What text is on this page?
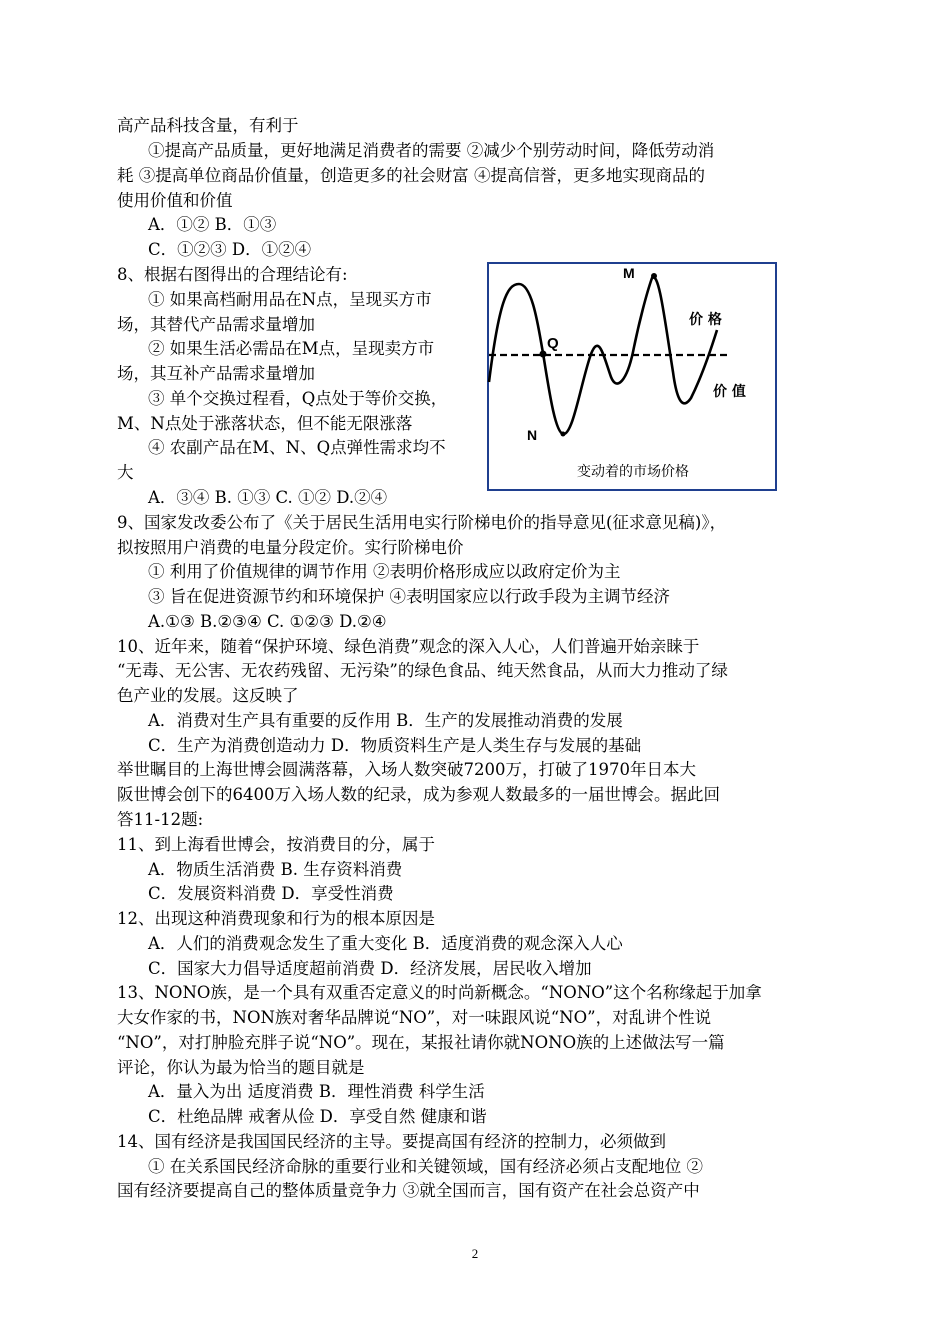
高产品科技含量，有利于
①提高产品质量，更好地满足消费者的需要 ②减少个别劳动时间，降低劳动消
耗 ③提高单位商品价值量，创造更多的社会财富 ④提高信誉，更多地实现商品的
使用价值和价值
A．①② B．①③
C．①②③ D．①②④
8、根据右图得出的合理结论有:
① 如果高档耐用品在N点，呈现买方市
场，其替代产品需求量增加
② 如果生活必需品在M点，呈现卖方市
场，其互补产品需求量增加
③ 单个交换过程看，Q点处于等价交换，
M、N点处于涨落状态，但不能无限涨落
④ 农副产品在M、N、Q点弹性需求均不
大
A．③④ B. ①③ C. ①② D.②④
9、国家发改委公布了《关于居民生活用电实行阶梯电价的指导意见(征求意见稿)》，
拟按照用户消费的电量分段定价。实行阶梯电价
① 利用了价值规律的调节作用 ②表明价格形成应以政府定价为主
③ 旨在促进资源节约和环境保护 ④表明国家应以行政手段为主调节经济
A.①③ B.②③④ C. ①②③ D.②④
10、近年来，随着“保护环境、绿色消费”观念的深入人心，人们普遍开始亲睐于
“无毒、无公害、无农药残留、无污染”的绿色食品、纯天然食品，从而大力推动了绿
色产业的发展。这反映了
A．消费对生产具有重要的反作用 B．生产的发展推动消费的发展
C．生产为消费创造动力 D．物质资料生产是人类生存与发展的基础
举世瞩目的上海世博会圆满落幕，入场人数突破7200万，打破了1970年日本大
阪世博会创下的6400万入场人数的纪录，成为参观人数最多的一届世博会。据此回
答11-12题:
11、到上海看世博会，按消费目的分，属于
A．物质生活消费 B. 生存资料消费
C．发展资料消费 D．享受性消费
12、出现这种消费现象和行为的根本原因是
A．人们的消费观念发生了重大变化 B．适度消费的观念深入人心
C．国家大力倡导适度超前消费 D．经济发展，居民收入增加
13、NONO族，是一个具有双重否定意义的时尚新概念。“NONO”这个名称缘起于加拿
大女作家的书，NON族对奢华品牌说“NO”，对一味跟风说“NO”，对乱讲个性说
“NO”，对打肿脸充胖子说“NO”。现在，某报社请你就NONO族的上述做法写一篇
评论，你认为最为恰当的题目就是
A．量入为出 适度消费 B．理性消费 科学生活
C．杜绝品牌 戒奢从俭 D．享受自然 健康和谐
14、国有经济是我国国民经济的主导。要提高国有经济的控制力，必须做到
① 在关系国民经济命脉的重要行业和关键领域，国有经济必须占支配地位 ②
国有经济要提高自己的整体质量竞争力 ③就全国而言，国有资产在社会总资产中
M
Q
N
价 格
价 值
变动着的市场价格
2
